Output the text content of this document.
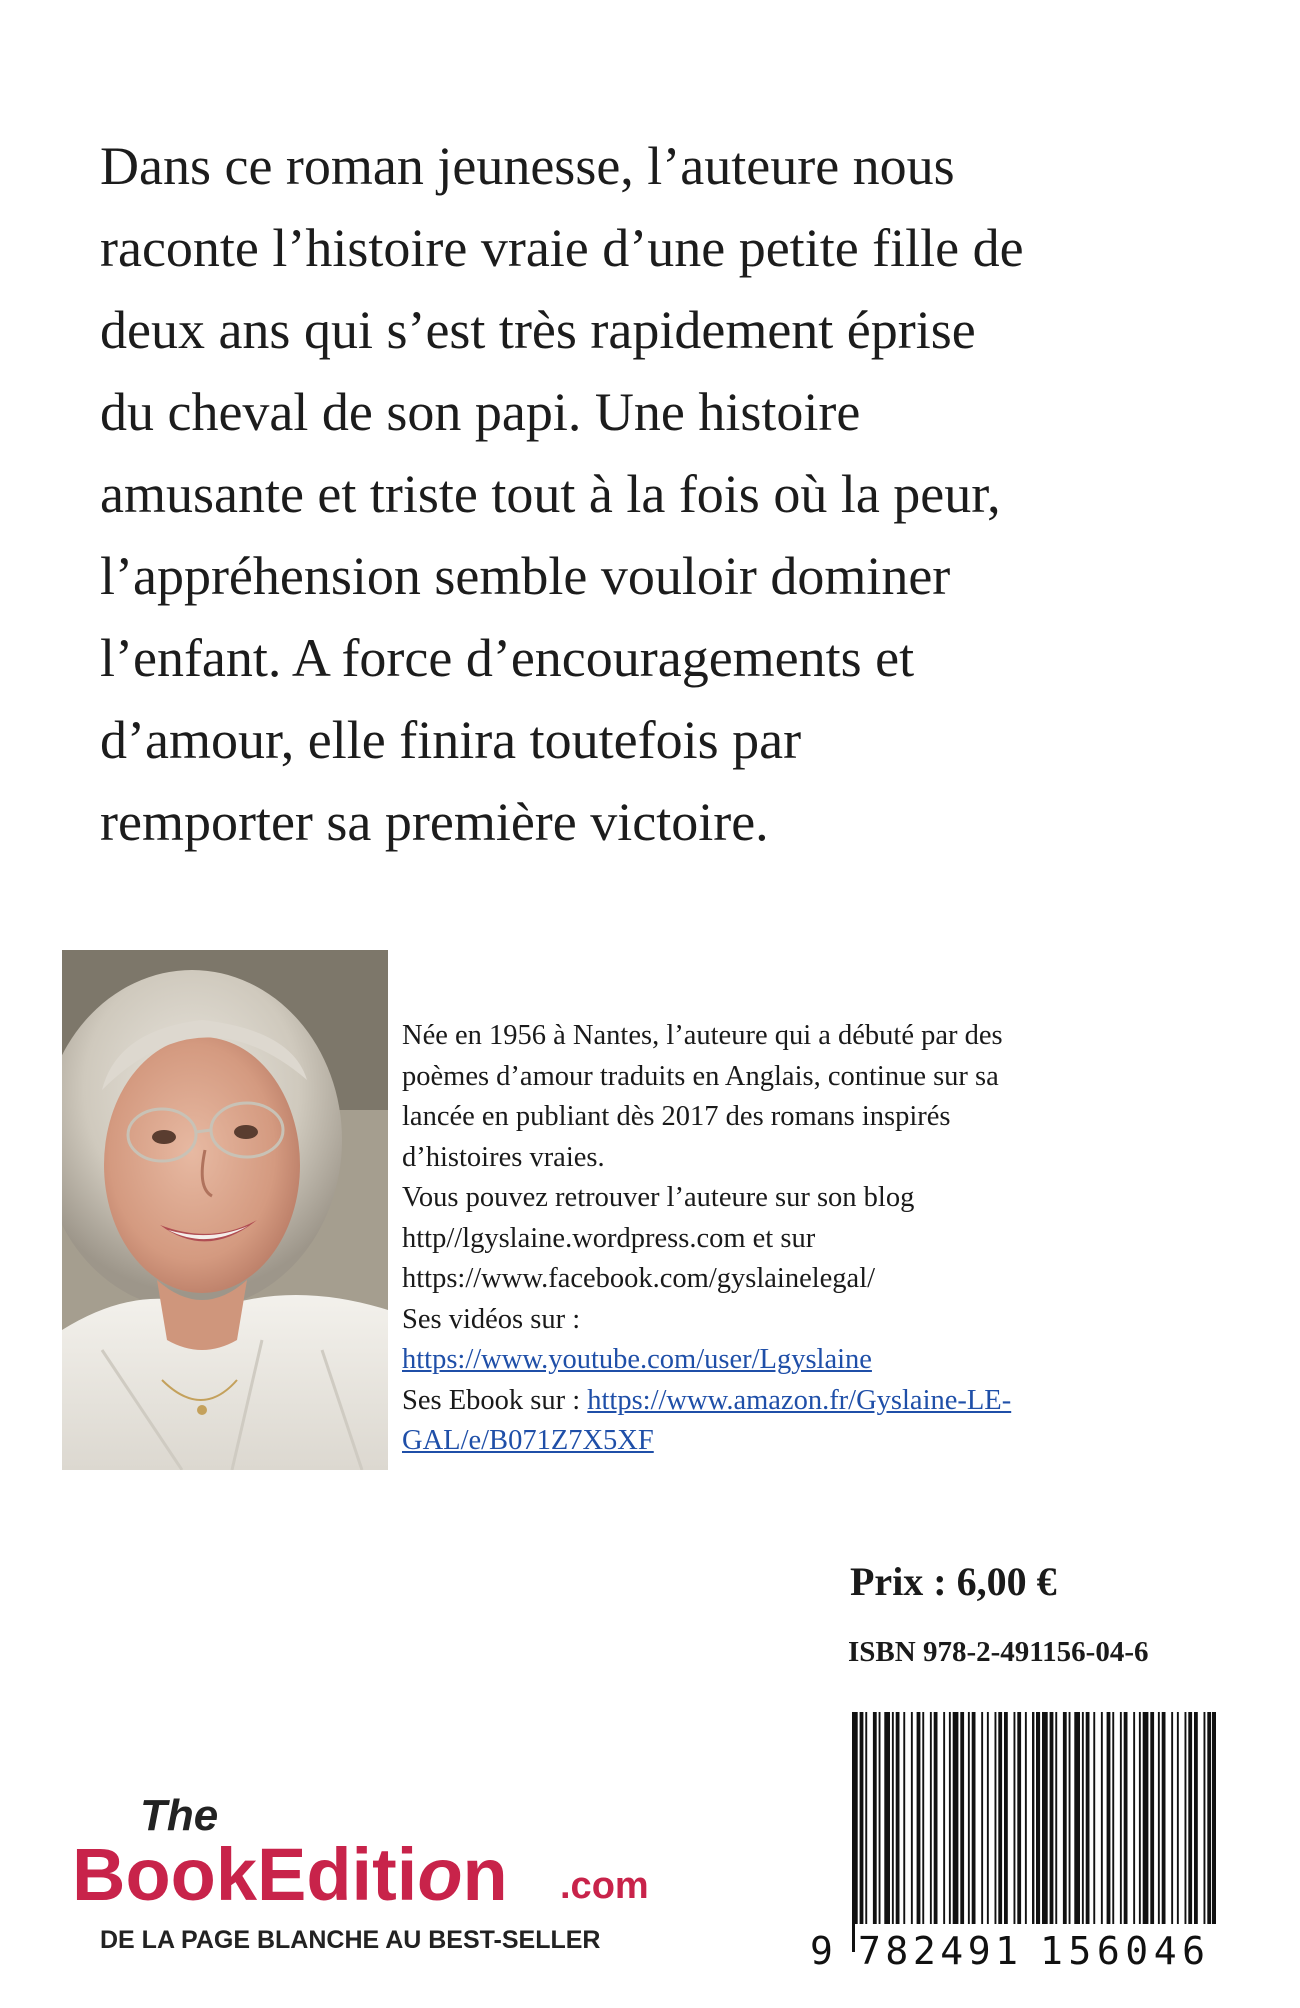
Dans ce roman jeunesse, l’auteure nous
raconte l’histoire vraie d’une petite fille de
deux ans qui s’est très rapidement éprise
du cheval de son papi. Une histoire
amusante et triste tout à la fois où la peur,
l’appréhension semble vouloir dominer
l’enfant. A force d’encouragements et
d’amour, elle finira toutefois par
remporter sa première victoire.
Née en 1956 à Nantes, l’auteure qui a débuté par des
poèmes d’amour traduits en Anglais, continue sur sa
lancée en publiant dès 2017 des romans inspirés
d’histoires vraies.
Vous pouvez retrouver l’auteure sur son blog
http//lgyslaine.wordpress.com et sur
https://www.facebook.com/gyslainelegal/
Ses vidéos sur :
https://www.youtube.com/user/Lgyslaine
Ses Ebook sur : https://www.amazon.fr/Gyslaine-LE-
GAL/e/B071Z7X5XF
Prix : 6,00 €
ISBN 978-2-491156-04-6
9 782491 156046
The
BookEdition .com
DE LA PAGE BLANCHE AU BEST-SELLER
